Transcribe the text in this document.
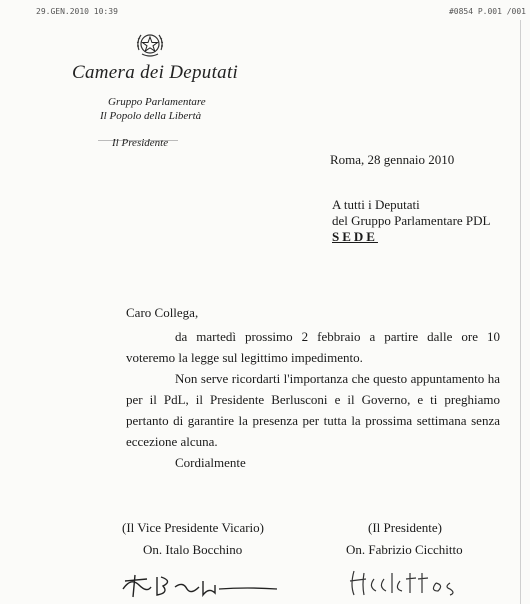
29.GEN.2010 10:39	#0854 P.001 /001
Camera dei Deputati
Gruppo Parlamentare
Il Popolo della Libertà
Il Presidente
Roma, 28 gennaio 2010
A tutti i Deputati
del Gruppo Parlamentare PDL
SEDE
Caro Collega,

da martedì prossimo 2 febbraio a partire dalle ore 10 voteremo la legge sul legittimo impedimento.

Non serve ricordarti l'importanza che questo appuntamento ha per il PdL, il Presidente Berlusconi e il Governo, e ti preghiamo pertanto di garantire la presenza per tutta la prossima settimana senza eccezione alcuna.

Cordialmente

(Il Vice Presidente Vicario)
On. Italo Bocchino
(Il Presidente)
On. Fabrizio Cicchitto
